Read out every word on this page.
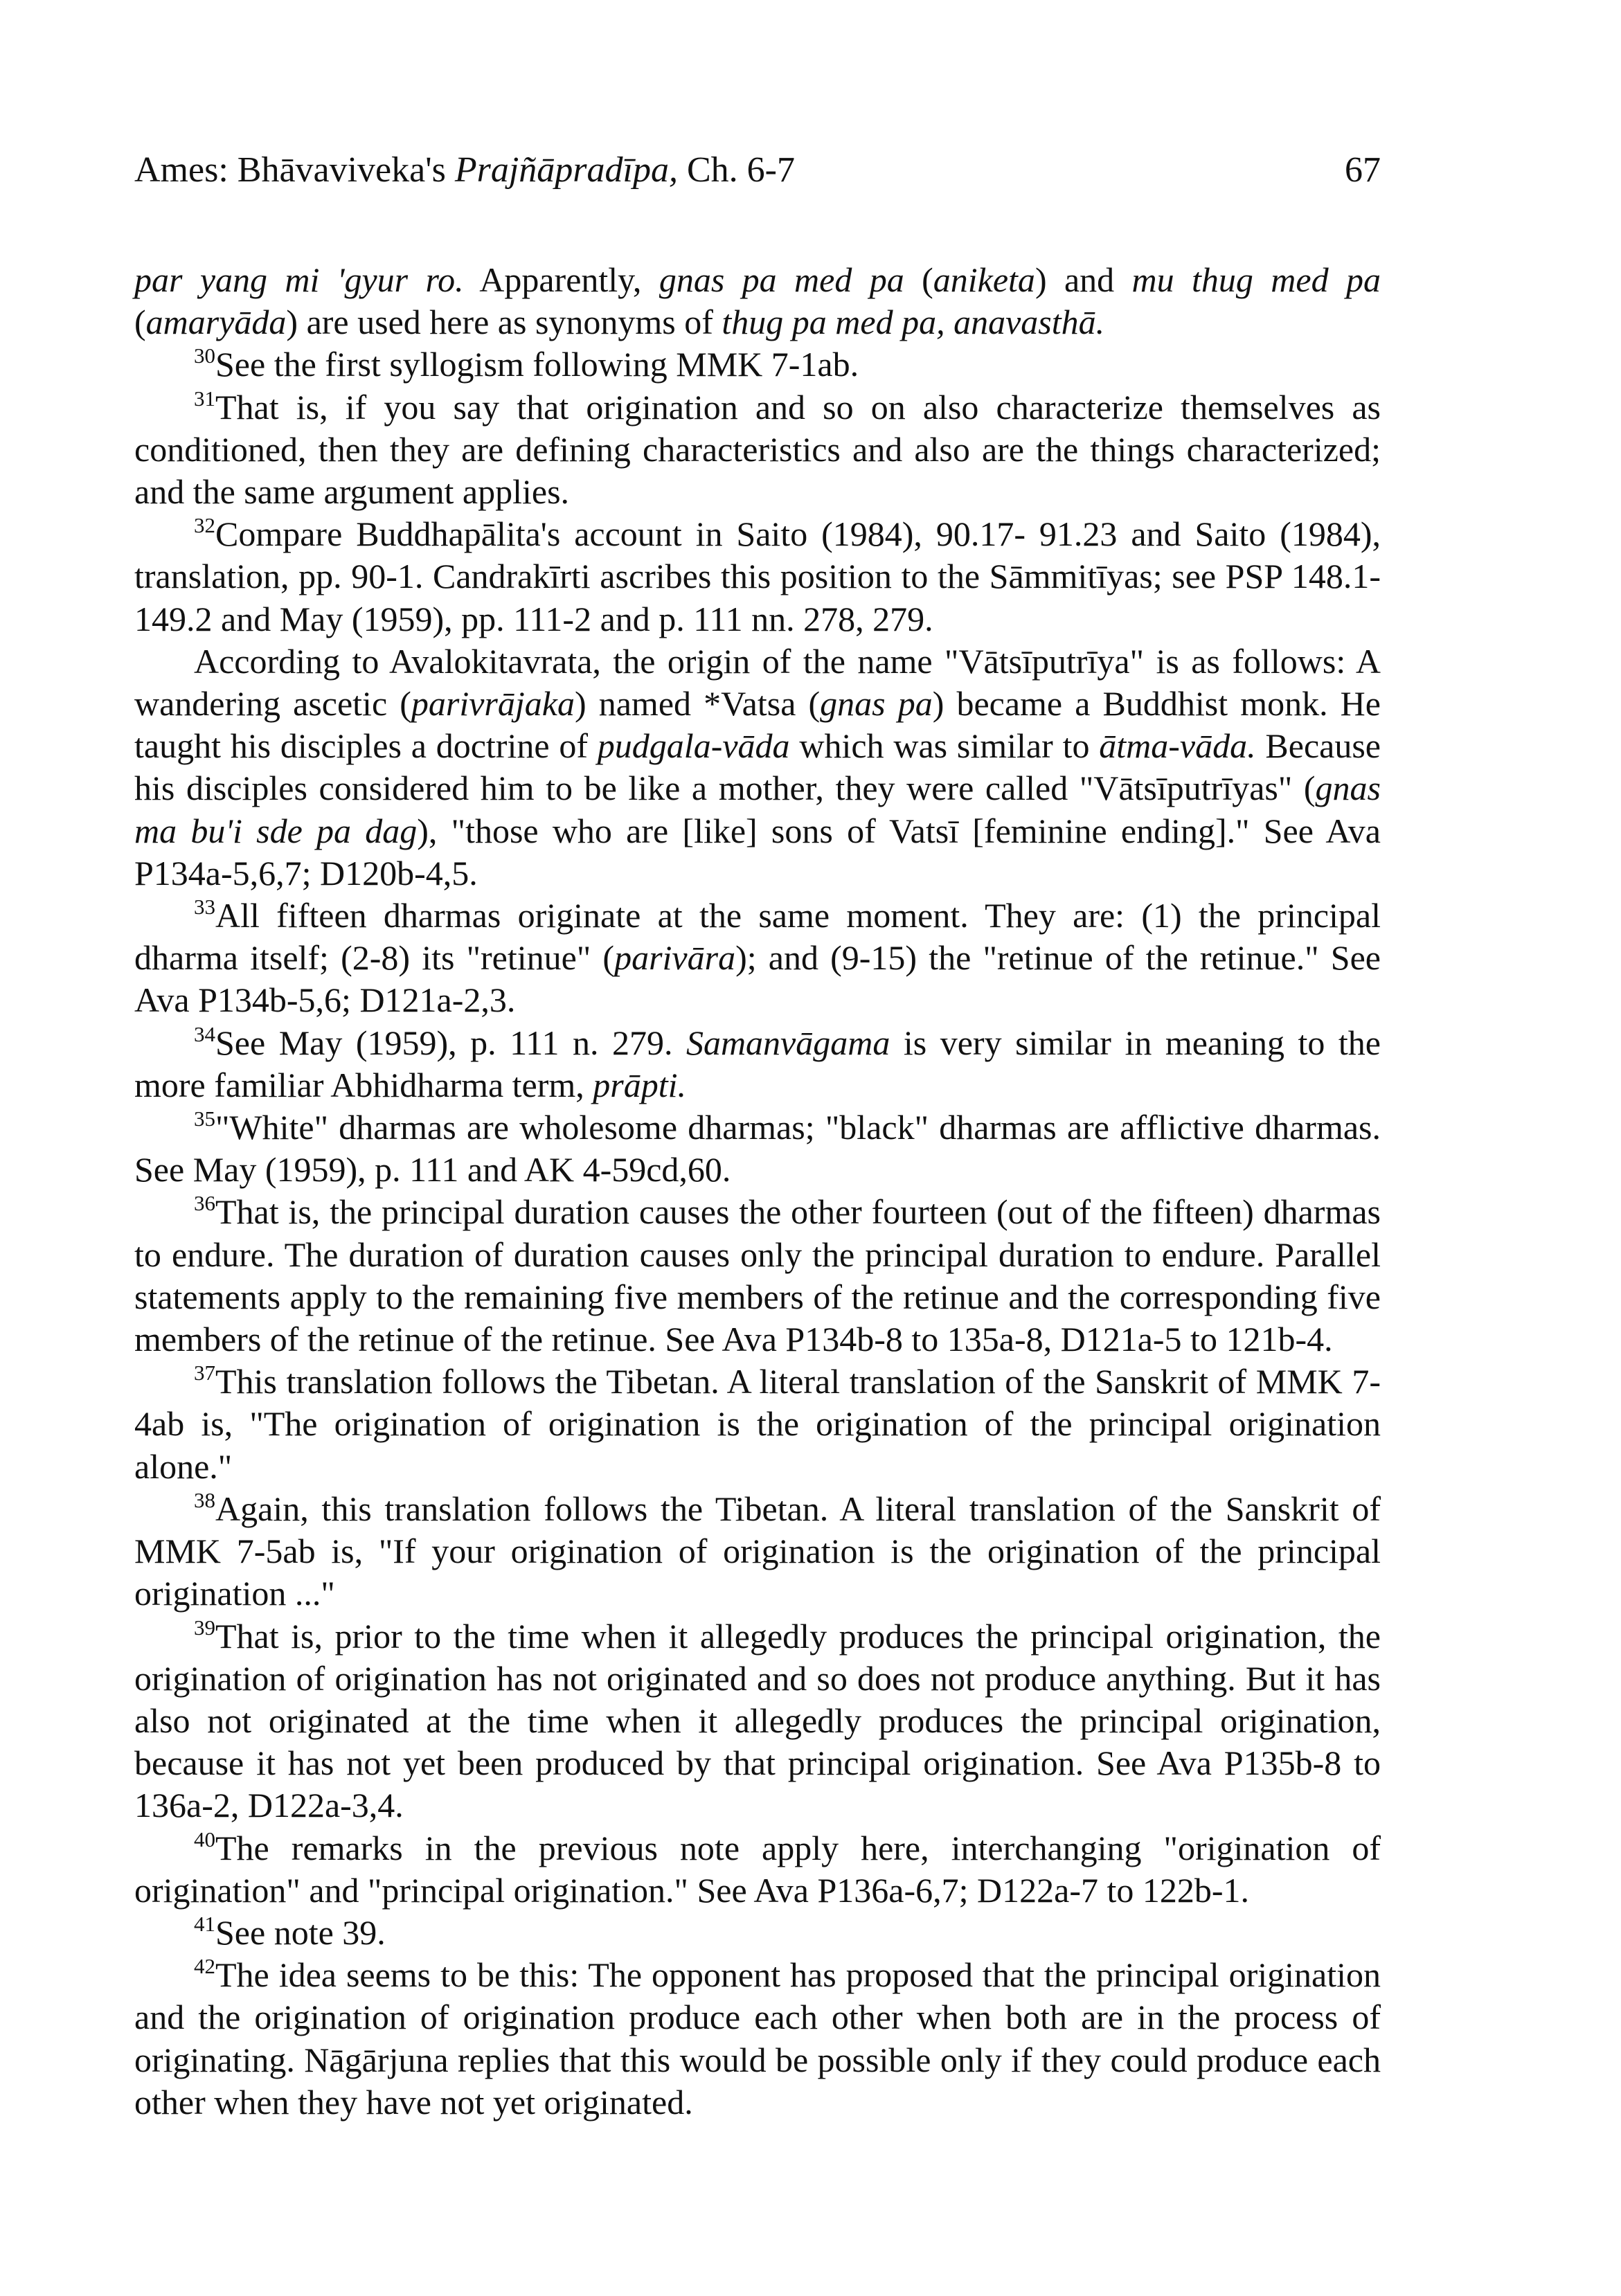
Ames: Bhāvaviveka's Prajñāpradīpa, Ch. 6-7	67

par yang mi 'gyur ro. Apparently, gnas pa med pa (aniketa) and mu thug med pa (amaryāda) are used here as synonyms of thug pa med pa, anavasthā.

$^{30}$See the first syllogism following MMK 7-1ab.

$^{31}$That is, if you say that origination and so on also characterize themselves as conditioned, then they are defining characteristics and also are the things characterized; and the same argument applies.

$^{32}$Compare Buddhapālita's account in Saito (1984), 90.17- 91.23 and Saito (1984), translation, pp. 90-1. Candrakīrti ascribes this position to the Sāmmitīyas; see PSP 148.1-149.2 and May (1959), pp. 111-2 and p. 111 nn. 278, 279.

According to Avalokitavrata, the origin of the name "Vātsīputrīya" is as follows: A wandering ascetic (parivrājaka) named *Vatsa (gnas pa) became a Buddhist monk. He taught his disciples a doctrine of pudgala-vāda which was similar to ātma-vāda. Because his disciples considered him to be like a mother, they were called "Vātsīputrīyas" (gnas ma bu'i sde pa dag), "those who are [like] sons of Vatsī [feminine ending]." See Ava P134a-5,6,7; D120b-4,5.

$^{33}$All fifteen dharmas originate at the same moment. They are: (1) the principal dharma itself; (2-8) its "retinue" (parivāra); and (9-15) the "retinue of the retinue." See Ava P134b-5,6; D121a-2,3.

$^{34}$See May (1959), p. 111 n. 279. Samanvāgama is very similar in meaning to the more familiar Abhidharma term, prāpti.

$^{35}$"White" dharmas are wholesome dharmas; "black" dharmas are afflictive dharmas. See May (1959), p. 111 and AK 4-59cd,60.

$^{36}$That is, the principal duration causes the other fourteen (out of the fifteen) dharmas to endure. The duration of duration causes only the principal duration to endure. Parallel statements apply to the remaining five members of the retinue and the corresponding five members of the retinue of the retinue. See Ava P134b-8 to 135a-8, D121a-5 to 121b-4.

$^{37}$This translation follows the Tibetan. A literal translation of the Sanskrit of MMK 7-4ab is, "The origination of origination is the origination of the principal origination alone."

$^{38}$Again, this translation follows the Tibetan. A literal translation of the Sanskrit of MMK 7-5ab is, "If your origination of origination is the origination of the principal origination ..."

$^{39}$That is, prior to the time when it allegedly produces the principal origination, the origination of origination has not originated and so does not produce anything. But it has also not originated at the time when it allegedly produces the principal origination, because it has not yet been produced by that principal origination. See Ava P135b-8 to 136a-2, D122a-3,4.

$^{40}$The remarks in the previous note apply here, interchanging "origination of origination" and "principal origination." See Ava P136a-6,7; D122a-7 to 122b-1.

$^{41}$See note 39.

$^{42}$The idea seems to be this: The opponent has proposed that the principal origination and the origination of origination produce each other when both are in the process of originating. Nāgārjuna replies that this would be possible only if they could produce each other when they have not yet originated.
